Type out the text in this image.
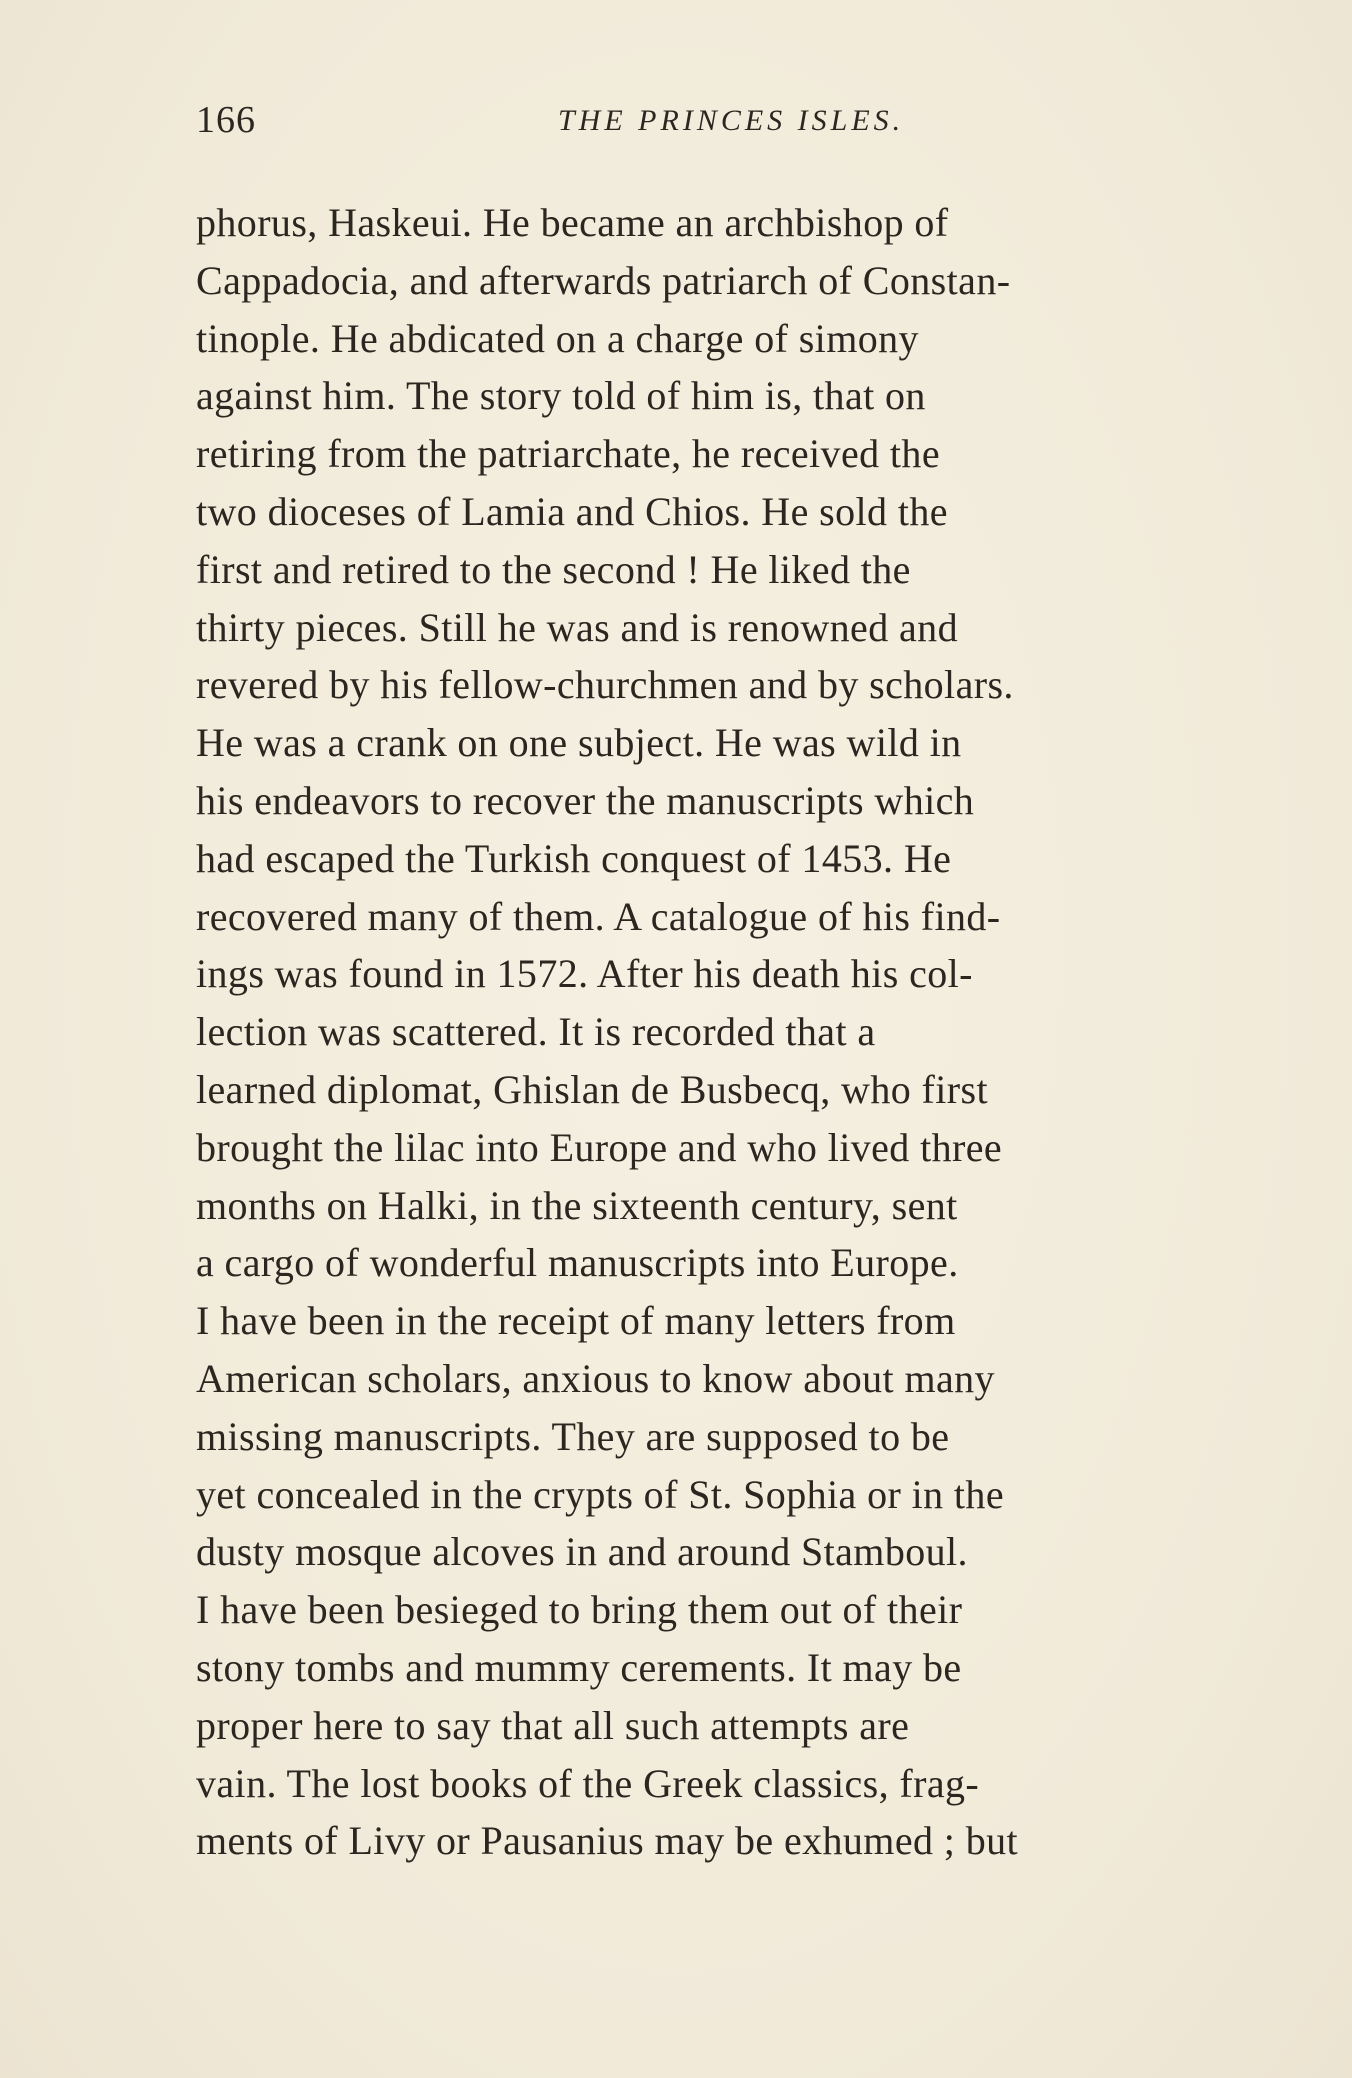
166	THE PRINCES ISLES.
phorus, Haskeui. He became an archbishop of
Cappadocia, and afterwards patriarch of Constan-
tinople. He abdicated on a charge of simony
against him. The story told of him is, that on
retiring from the patriarchate, he received the
two dioceses of Lamia and Chios. He sold the
first and retired to the second ! He liked the
thirty pieces. Still he was and is renowned and
revered by his fellow-churchmen and by scholars.
He was a crank on one subject. He was wild in
his endeavors to recover the manuscripts which
had escaped the Turkish conquest of 1453. He
recovered many of them. A catalogue of his find-
ings was found in 1572. After his death his col-
lection was scattered. It is recorded that a
learned diplomat, Ghislan de Busbecq, who first
brought the lilac into Europe and who lived three
months on Halki, in the sixteenth century, sent
a cargo of wonderful manuscripts into Europe.
I have been in the receipt of many letters from
American scholars, anxious to know about many
missing manuscripts. They are supposed to be
yet concealed in the crypts of St. Sophia or in the
dusty mosque alcoves in and around Stamboul.
I have been besieged to bring them out of their
stony tombs and mummy cerements. It may be
proper here to say that all such attempts are
vain. The lost books of the Greek classics, frag-
ments of Livy or Pausanius may be exhumed ; but
